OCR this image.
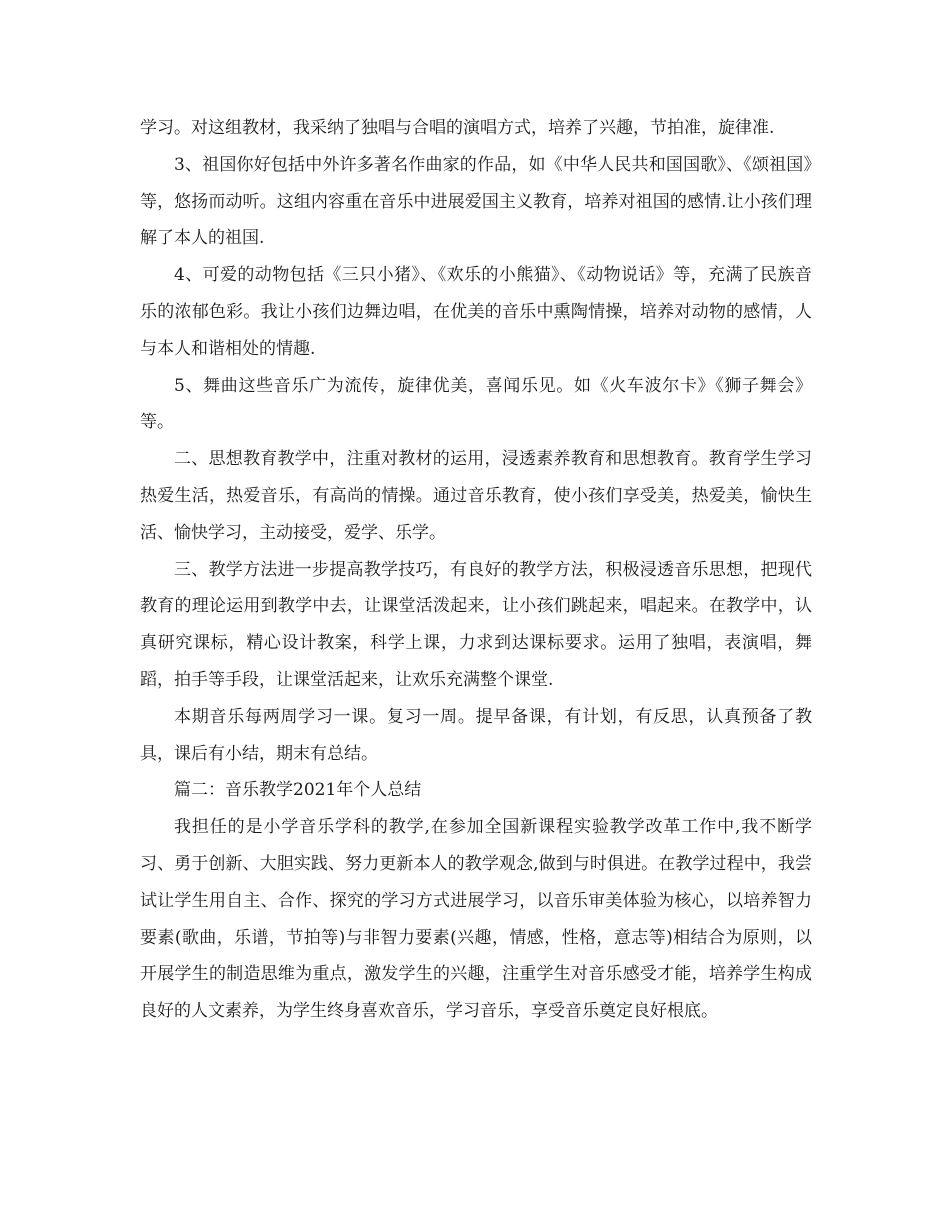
学习。对这组教材，我采纳了独唱与合唱的演唱方式，培养了兴趣，节拍准，旋律准.

3、祖国你好包括中外许多著名作曲家的作品，如《中华人民共和国国歌》、《颂祖国》等，悠扬而动听。这组内容重在音乐中进展爱国主义教育，培养对祖国的感情.让小孩们理解了本人的祖国.

4、可爱的动物包括《三只小猪》、《欢乐的小熊猫》、《动物说话》等，充满了民族音乐的浓郁色彩。我让小孩们边舞边唱，在优美的音乐中熏陶情操，培养对动物的感情，人与本人和谐相处的情趣.

5、舞曲这些音乐广为流传，旋律优美，喜闻乐见。如《火车波尔卡》《狮子舞会》等。

二、思想教育教学中，注重对教材的运用，浸透素养教育和思想教育。教育学生学习热爱生活，热爱音乐，有高尚的情操。通过音乐教育，使小孩们享受美，热爱美，愉快生活、愉快学习，主动接受，爱学、乐学。

三、教学方法进一步提高教学技巧，有良好的教学方法，积极浸透音乐思想，把现代教育的理论运用到教学中去，让课堂活泼起来，让小孩们跳起来，唱起来。在教学中，认真研究课标，精心设计教案，科学上课，力求到达课标要求。运用了独唱，表演唱，舞蹈，拍手等手段，让课堂活起来，让欢乐充满整个课堂.

本期音乐每两周学习一课。复习一周。提早备课，有计划，有反思，认真预备了教具，课后有小结，期末有总结。

篇二：音乐教学2021年个人总结

我担任的是小学音乐学科的教学,在参加全国新课程实验教学改革工作中,我不断学习、勇于创新、大胆实践、努力更新本人的教学观念,做到与时俱进。在教学过程中，我尝试让学生用自主、合作、探究的学习方式进展学习，以音乐审美体验为核心，以培养智力要素(歌曲，乐谱，节拍等)与非智力要素(兴趣，情感，性格，意志等)相结合为原则，以开展学生的制造思维为重点，激发学生的兴趣，注重学生对音乐感受才能，培养学生构成良好的人文素养，为学生终身喜欢音乐，学习音乐，享受音乐奠定良好根底。
